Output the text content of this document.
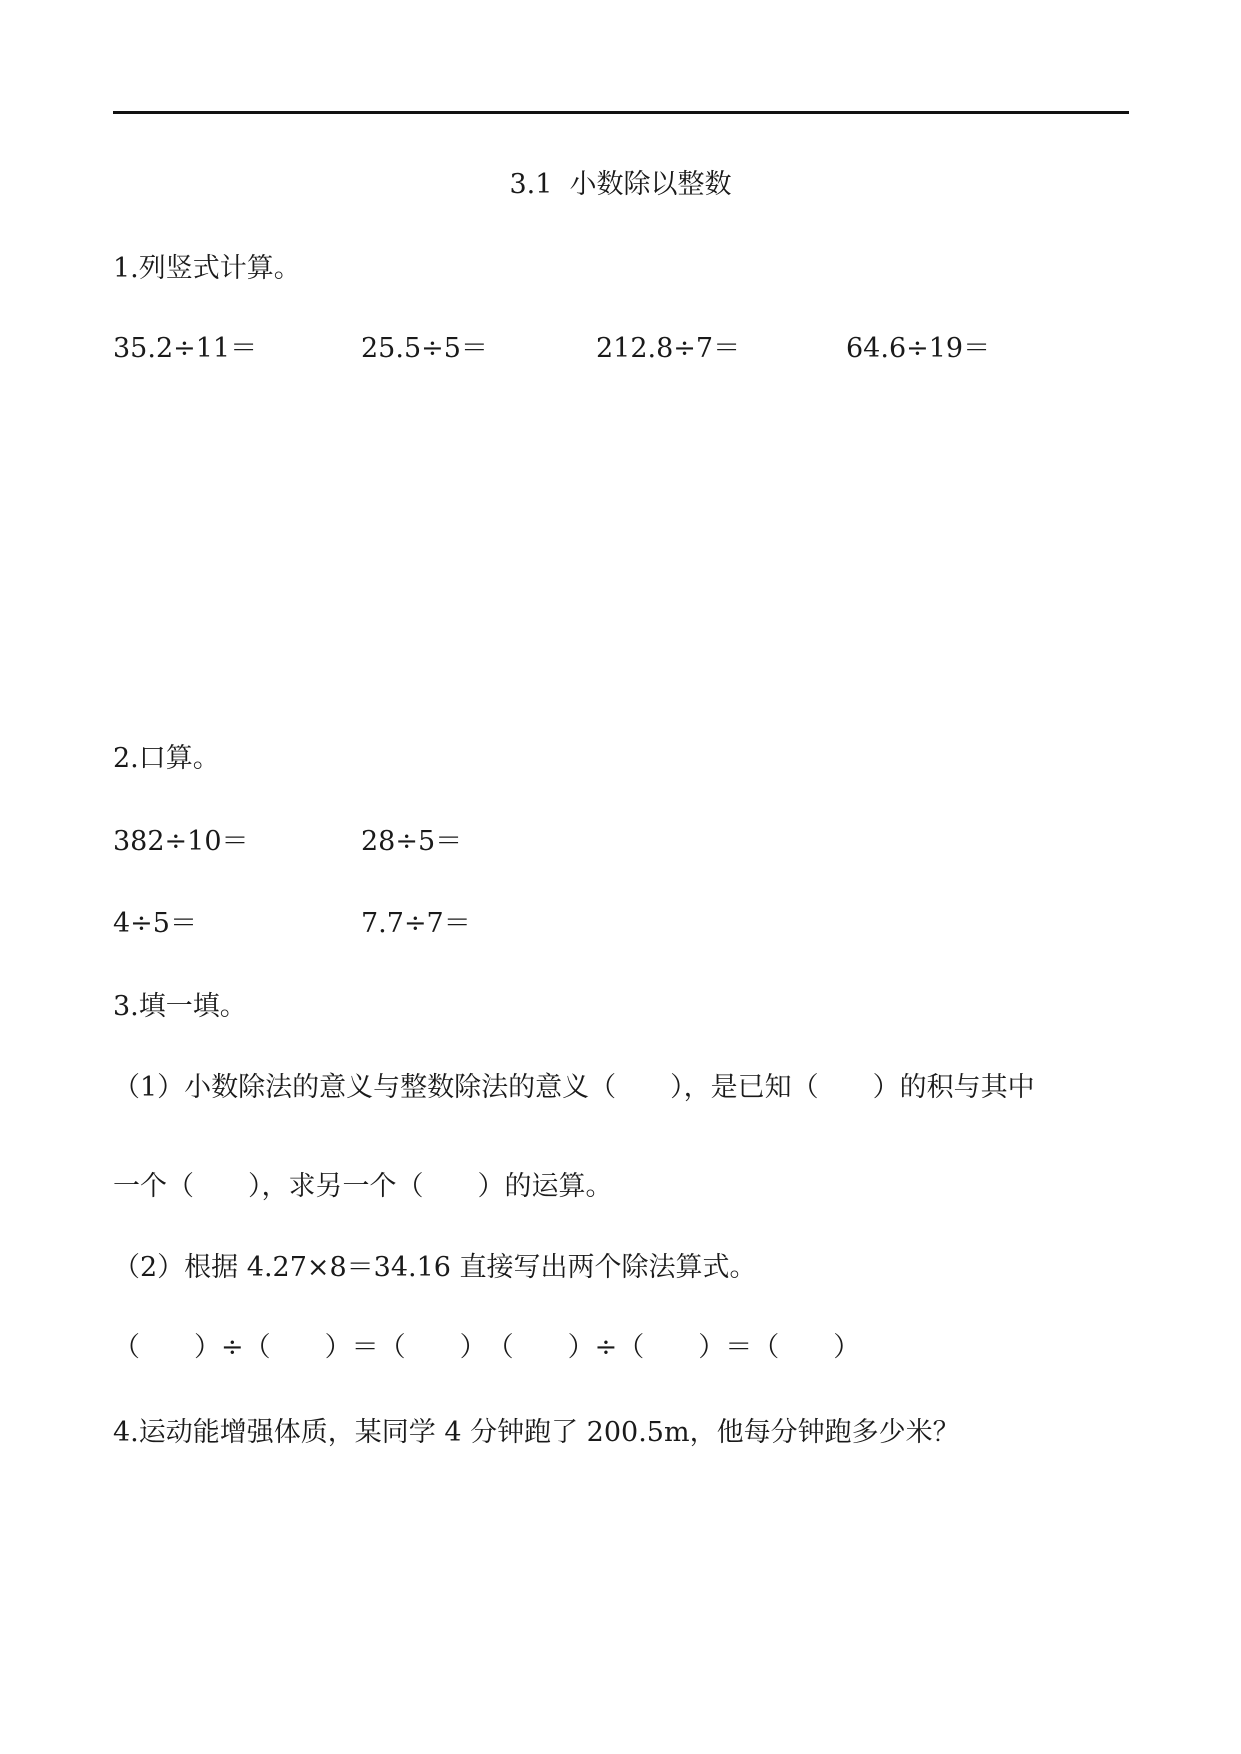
3.1  小数除以整数
1.列竖式计算。
35.2÷11＝	25.5÷5＝	212.8÷7＝	64.6÷19＝
2.口算。
382÷10＝	28÷5＝
4÷5＝	7.7÷7＝
3.填一填。
（1）小数除法的意义与整数除法的意义（　　），是已知（　　）的积与其中
一个（　　），求另一个（　　）的运算。
（2）根据 4.27×8＝34.16 直接写出两个除法算式。
（　　）÷（　　）＝（　　）　（　　）÷（　　）＝（　　）
4.运动能增强体质，某同学 4 分钟跑了 200.5m，他每分钟跑多少米？
